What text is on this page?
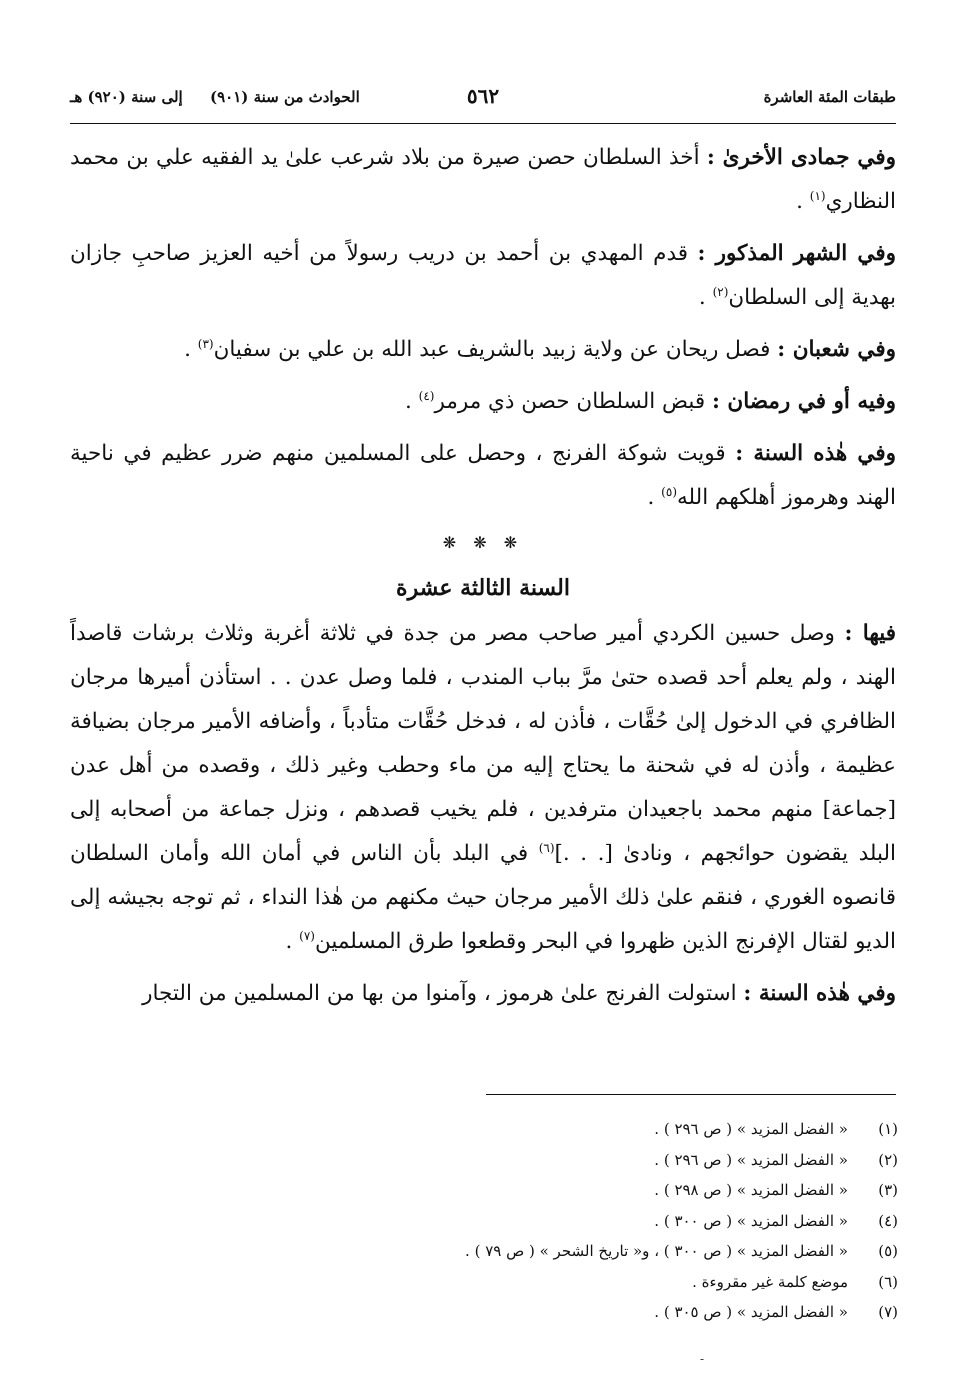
طبقات المئة العاشرة
٥٦٢
الحوادث من سنة (٩٠١)
إلى سنة (٩٢٠) هـ

وفي جمادى الأخرىٰ : أخذ السلطان حصن صيرة من بلاد شرعب علىٰ يد الفقيه علي بن محمد النظاري$^{(١)}$ .

وفي الشهر المذكور : قدم المهدي بن أحمد بن دريب رسولاً من أخيه العزيز صاحبِ جازان بهدية إلى السلطان$^{(٢)}$ .

وفي شعبان : فصل ريحان عن ولاية زبيد بالشريف عبد الله بن علي بن سفيان$^{(٣)}$ .

وفيه أو في رمضان : قبض السلطان حصن ذي مرمر$^{(٤)}$ .

وفي هٰذه السنة : قويت شوكة الفرنج ، وحصل على المسلمين منهم ضرر عظيم في ناحية الهند وهرموز أهلكهم الله$^{(٥)}$ .

❋ ❋ ❋
السنة الثالثة عشرة

فيها : وصل حسين الكردي أمير صاحب مصر من جدة في ثلاثة أغربة وثلاث برشات قاصداً الهند ، ولم يعلم أحد قصده حتىٰ مرَّ بباب المندب ، فلما وصل عدن . . استأذن أميرها مرجان الظافري في الدخول إلىٰ حُقَّات ، فأذن له ، فدخل حُقَّات متأدباً ، وأضافه الأمير مرجان بضيافة عظيمة ، وأذن له في شحنة ما يحتاج إليه من ماء وحطب وغير ذلك ، وقصده من أهل عدن [جماعة] منهم محمد باجعيدان مترفدين ، فلم يخيب قصدهم ، ونزل جماعة من أصحابه إلى البلد يقضون حوائجهم ، ونادىٰ [. . .]$^{(٦)}$ في البلد بأن الناس في أمان الله وأمان السلطان قانصوه الغوري ، فنقم علىٰ ذلك الأمير مرجان حيث مكنهم من هٰذا النداء ، ثم توجه بجيشه إلى الديو لقتال الإفرنج الذين ظهروا في البحر وقطعوا طرق المسلمين$^{(٧)}$ .

وفي هٰذه السنة : استولت الفرنج علىٰ هرموز ، وآمنوا من بها من المسلمين من التجار

(١)
« الفضل المزيد » ( ص ٢٩٦ ) .
(٢)
« الفضل المزيد » ( ص ٢٩٦ ) .
(٣)
« الفضل المزيد » ( ص ٢٩٨ ) .
(٤)
« الفضل المزيد » ( ص ٣٠٠ ) .
(٥)
« الفضل المزيد » ( ص ٣٠٠ ) ، و« تاريخ الشحر » ( ص ٧٩ ) .
(٦)
موضع كلمة غير مقروءة .
(٧)
« الفضل المزيد » ( ص ٣٠٥ ) .
-
